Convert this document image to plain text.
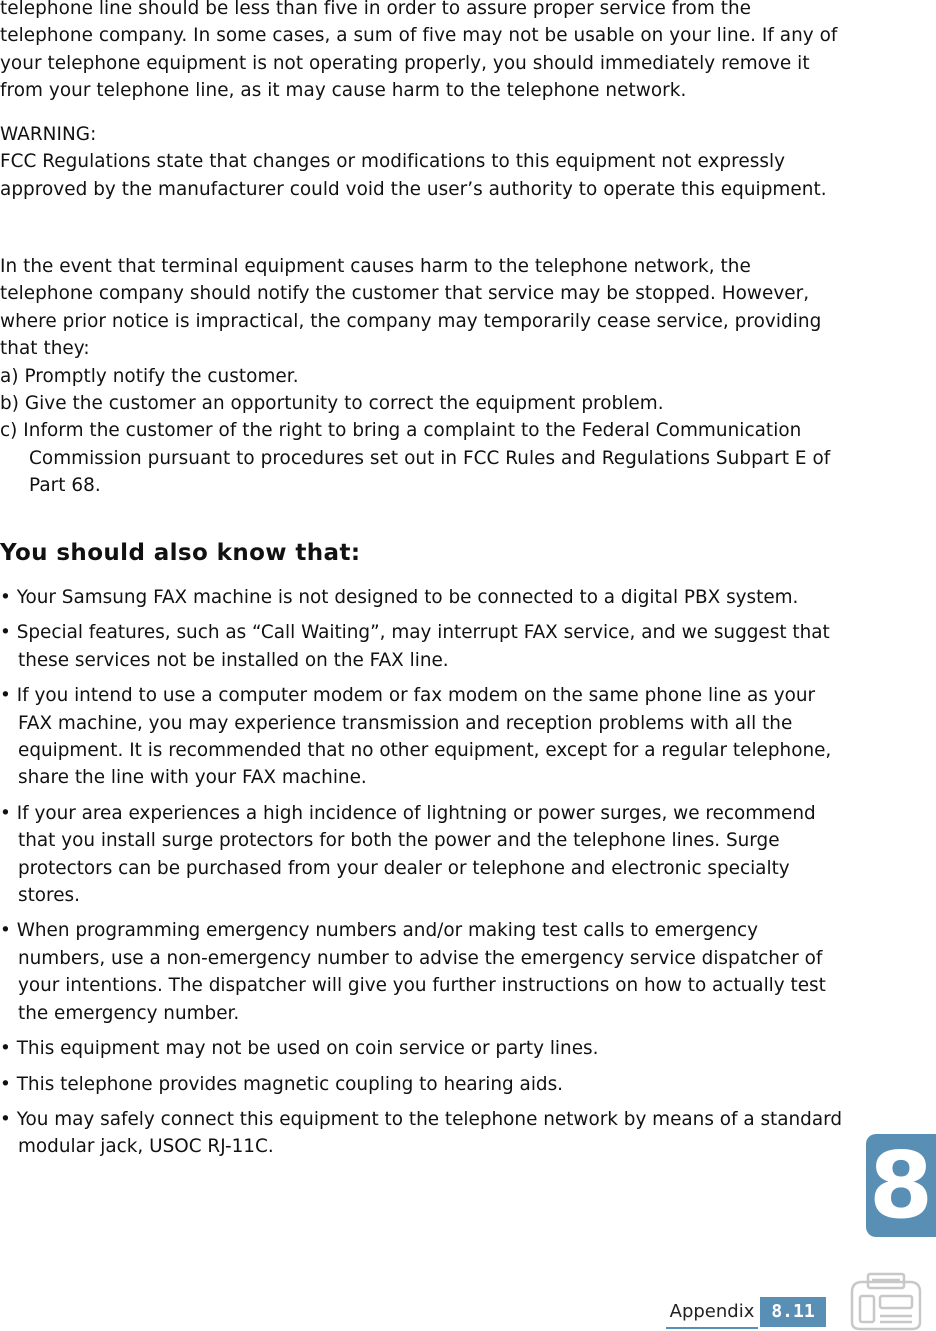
telephone line should be less than five in order to assure proper service from the telephone company. In some cases, a sum of five may not be usable on your line. If any of your telephone equipment is not operating properly, you should immediately remove it from your telephone line, as it may cause harm to the telephone network.

WARNING:

FCC Regulations state that changes or modifications to this equipment not expressly approved by the manufacturer could void the user’s authority to operate this equipment.

In the event that terminal equipment causes harm to the telephone network, the telephone company should notify the customer that service may be stopped. However, where prior notice is impractical, the company may temporarily cease service, providing that they:

a) Promptly notify the customer.

b) Give the customer an opportunity to correct the equipment problem.

c) Inform the customer of the right to bring a complaint to the Federal Communication Commission pursuant to procedures set out in FCC Rules and Regulations Subpart E of Part 68.

You should also know that:

• Your Samsung FAX machine is not designed to be connected to a digital PBX system.

• Special features, such as “Call Waiting”, may interrupt FAX service, and we suggest that these services not be installed on the FAX line.

• If you intend to use a computer modem or fax modem on the same phone line as your FAX machine, you may experience transmission and reception problems with all the equipment. It is recommended that no other equipment, except for a regular telephone, share the line with your FAX machine.

• If your area experiences a high incidence of lightning or power surges, we recommend that you install surge protectors for both the power and the telephone lines. Surge protectors can be purchased from your dealer or telephone and electronic specialty stores.

• When programming emergency numbers and/or making test calls to emergency numbers, use a non-emergency number to advise the emergency service dispatcher of your intentions. The dispatcher will give you further instructions on how to actually test the emergency number.

• This equipment may not be used on coin service or party lines.

• This telephone provides magnetic coupling to hearing aids.

• You may safely connect this equipment to the telephone network by means of a standard modular jack, USOC RJ-11C.	8
Appendix 8.11
